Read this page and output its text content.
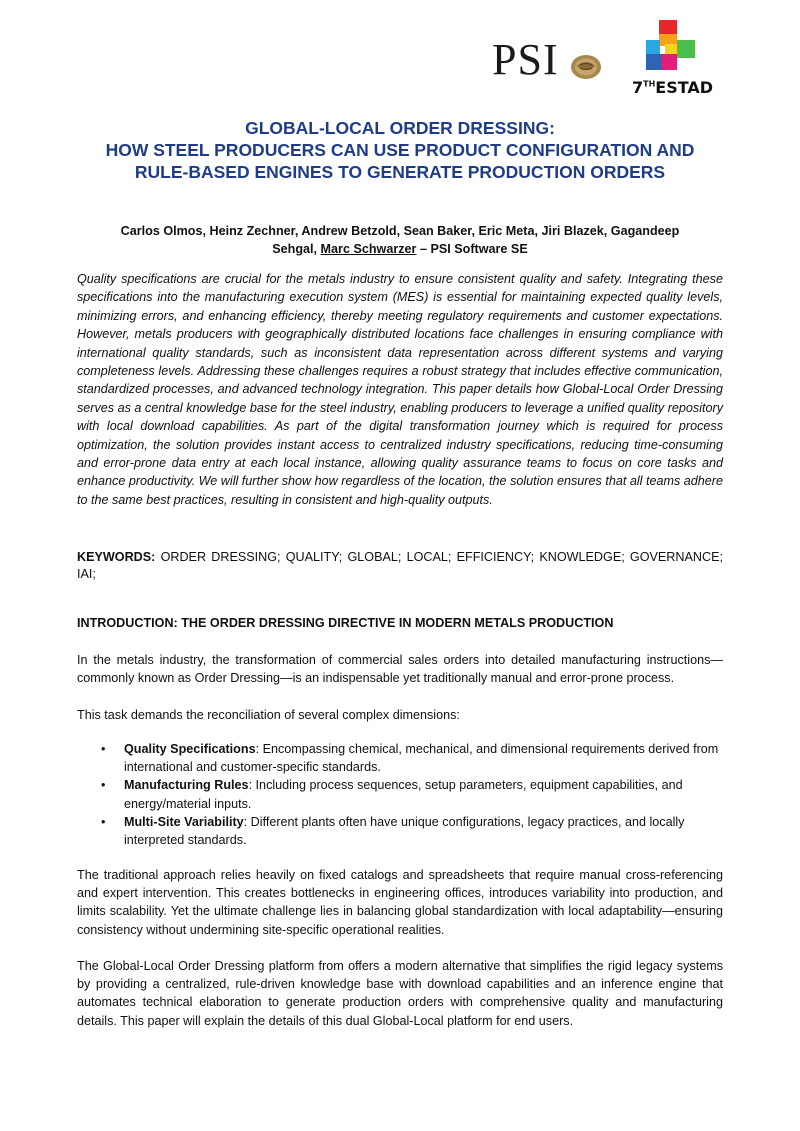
PSI
7THESTAD
GLOBAL-LOCAL ORDER DRESSING:
HOW STEEL PRODUCERS CAN USE PRODUCT CONFIGURATION AND
RULE-BASED ENGINES TO GENERATE PRODUCTION ORDERS
Carlos Olmos, Heinz Zechner, Andrew Betzold, Sean Baker, Eric Meta, Jiri Blazek, Gagandeep
Sehgal, Marc Schwarzer – PSI Software SE

Quality specifications are crucial for the metals industry to ensure consistent quality and safety. Integrating these specifications into the manufacturing execution system (MES) is essential for maintaining expected quality levels, minimizing errors, and enhancing efficiency, thereby meeting regulatory requirements and customer expectations. However, metals producers with geographically distributed locations face challenges in ensuring compliance with international quality standards, such as inconsistent data representation across different systems and varying completeness levels. Addressing these challenges requires a robust strategy that includes effective communication, standardized processes, and advanced technology integration. This paper details how Global-Local Order Dressing serves as a central knowledge base for the steel industry, enabling producers to leverage a unified quality repository with local download capabilities. As part of the digital transformation journey which is required for process optimization, the solution provides instant access to centralized industry specifications, reducing time-consuming and error-prone data entry at each local instance, allowing quality assurance teams to focus on core tasks and enhance productivity. We will further show how regardless of the location, the solution ensures that all teams adhere to the same best practices, resulting in consistent and high-quality outputs.

KEYWORDS: ORDER DRESSING; QUALITY; GLOBAL; LOCAL; EFFICIENCY; KNOWLEDGE; GOVERNANCE; IAI;
INTRODUCTION: THE ORDER DRESSING DIRECTIVE IN MODERN METALS PRODUCTION

In the metals industry, the transformation of commercial sales orders into detailed manufacturing instructions—commonly known as Order Dressing—is an indispensable yet traditionally manual and error-prone process.

This task demands the reconciliation of several complex dimensions:

• Quality Specifications: Encompassing chemical, mechanical, and dimensional requirements derived from international and customer-specific standards.
• Manufacturing Rules: Including process sequences, setup parameters, equipment capabilities, and energy/material inputs.
• Multi-Site Variability: Different plants often have unique configurations, legacy practices, and locally interpreted standards.

The traditional approach relies heavily on fixed catalogs and spreadsheets that require manual cross-referencing and expert intervention. This creates bottlenecks in engineering offices, introduces variability into production, and limits scalability. Yet the ultimate challenge lies in balancing global standardization with local adaptability—ensuring consistency without undermining site-specific operational realities.

The Global-Local Order Dressing platform from offers a modern alternative that simplifies the rigid legacy systems by providing a centralized, rule-driven knowledge base with download capabilities and an inference engine that automates technical elaboration to generate production orders with comprehensive quality and manufacturing details. This paper will explain the details of this dual Global-Local platform for end users.
